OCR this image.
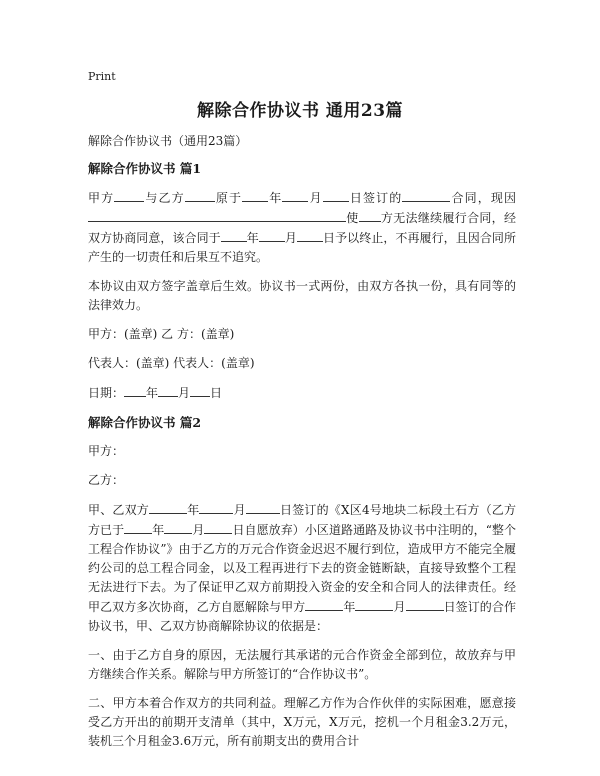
Print
解除合作协议书 通用23篇

解除合作协议书（通用23篇）

解除合作协议书 篇1

甲方	与乙方	原于 年 月 日签订的	合同，现因使 方无法继续履行合同，经双方协商同意，该合同于 年 月 日予以终止，不再履行，且因合同所产生的一切责任和后果互不追究。

本协议由双方签字盖章后生效。协议书一式两份，由双方各执一份，具有同等的法律效力。

甲方：(盖章) 乙 方：(盖章)

代表人：(盖章) 代表人：(盖章)

日期： 年 月 日

解除合作协议书 篇2

甲方：

乙方：

甲、乙双方	年	月	日签订的《X区4号地块二标段土石方（乙方方已于 年 月 日自愿放弃）小区道路通路及协议书中注明的，“整个工程合作协议”》由于乙方的万元合作资金迟迟不履行到位，造成甲方不能完全履约公司的总工程合同金，以及工程再进行下去的资金链断缺，直接导致整个工程无法进行下去。为了保证甲乙双方前期投入资金的安全和合同人的法律责任。经甲乙双方多次协商，乙方自愿解除与甲方	年	月	日签订的合作协议书，甲、乙双方协商解除协议的依据是：

一、由于乙方自身的原因，无法履行其承诺的元合作资金全部到位，故放弃与甲方继续合作关系。解除与甲方所签订的“合作协议书”。

二、甲方本着合作双方的共同利益。理解乙方作为合作伙伴的实际困难，愿意接受乙方开出的前期开支清单（其中，X万元，X万元，挖机一个月租金3.2万元，装机三个月租金3.6万元，所有前期支出的费用合计
